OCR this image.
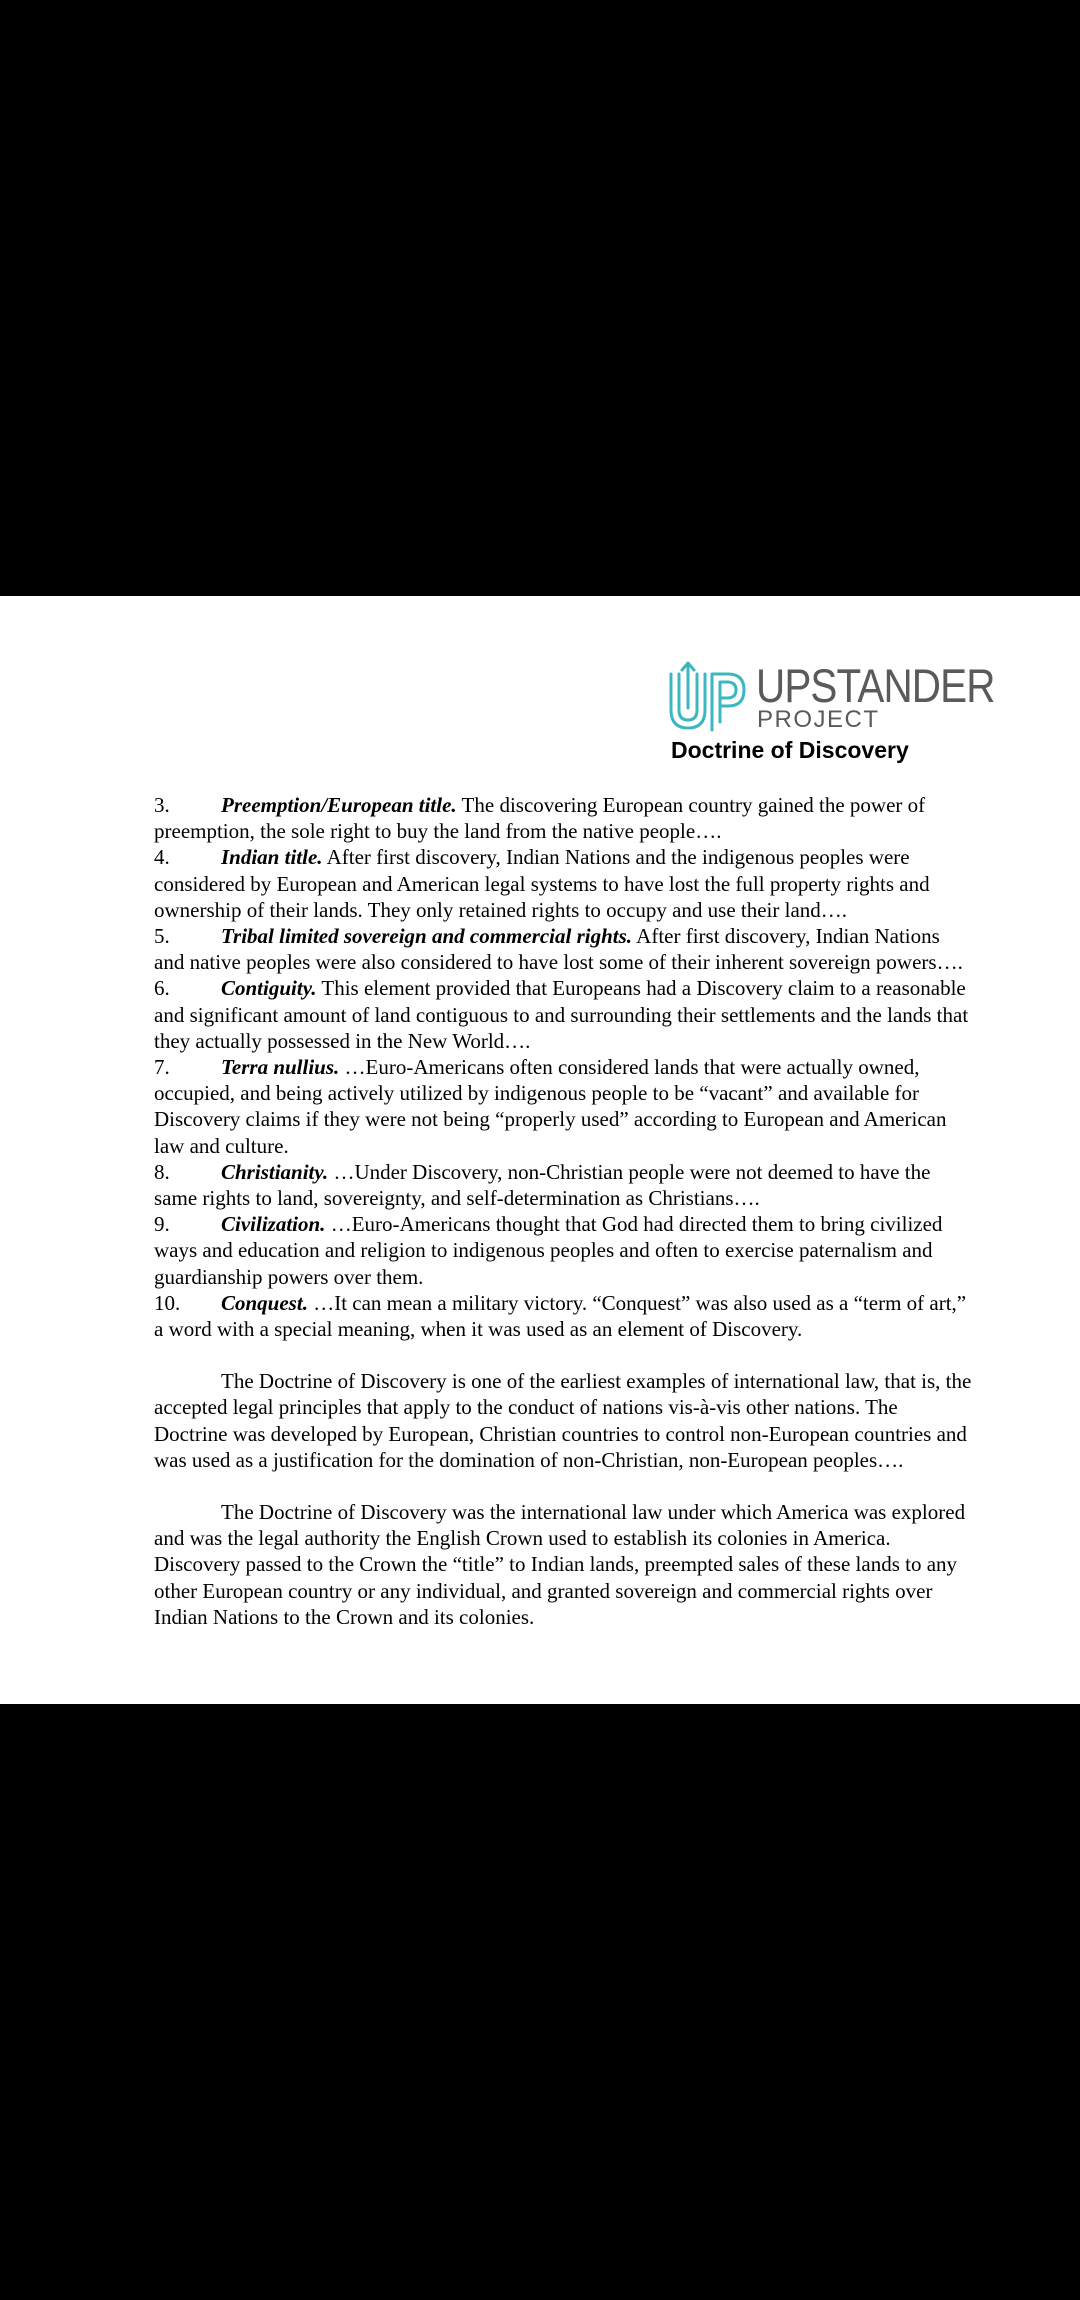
UPSTANDER
PROJECT
Doctrine of Discovery

3. Preemption/European title. The discovering European country gained the power of preemption, the sole right to buy the land from the native people….

4. Indian title. After first discovery, Indian Nations and the indigenous peoples were considered by European and American legal systems to have lost the full property rights and ownership of their lands. They only retained rights to occupy and use their land….

5. Tribal limited sovereign and commercial rights. After first discovery, Indian Nations and native peoples were also considered to have lost some of their inherent sovereign powers….

6. Contiguity. This element provided that Europeans had a Discovery claim to a reasonable and significant amount of land contiguous to and surrounding their settlements and the lands that they actually possessed in the New World….

7. Terra nullius. …Euro-Americans often considered lands that were actually owned, occupied, and being actively utilized by indigenous people to be “vacant” and available for Discovery claims if they were not being “properly used” according to European and American law and culture.

8. Christianity. …Under Discovery, non-Christian people were not deemed to have the same rights to land, sovereignty, and self-determination as Christians….

9. Civilization. …Euro-Americans thought that God had directed them to bring civilized ways and education and religion to indigenous peoples and often to exercise paternalism and guardianship powers over them.

10. Conquest. …It can mean a military victory. “Conquest” was also used as a “term of art,” a word with a special meaning, when it was used as an element of Discovery.

The Doctrine of Discovery is one of the earliest examples of international law, that is, the accepted legal principles that apply to the conduct of nations vis-à-vis other nations. The Doctrine was developed by European, Christian countries to control non-European countries and was used as a justification for the domination of non-Christian, non-European peoples….

The Doctrine of Discovery was the international law under which America was explored and was the legal authority the English Crown used to establish its colonies in America. Discovery passed to the Crown the “title” to Indian lands, preempted sales of these lands to any other European country or any individual, and granted sovereign and commercial rights over Indian Nations to the Crown and its colonies.
